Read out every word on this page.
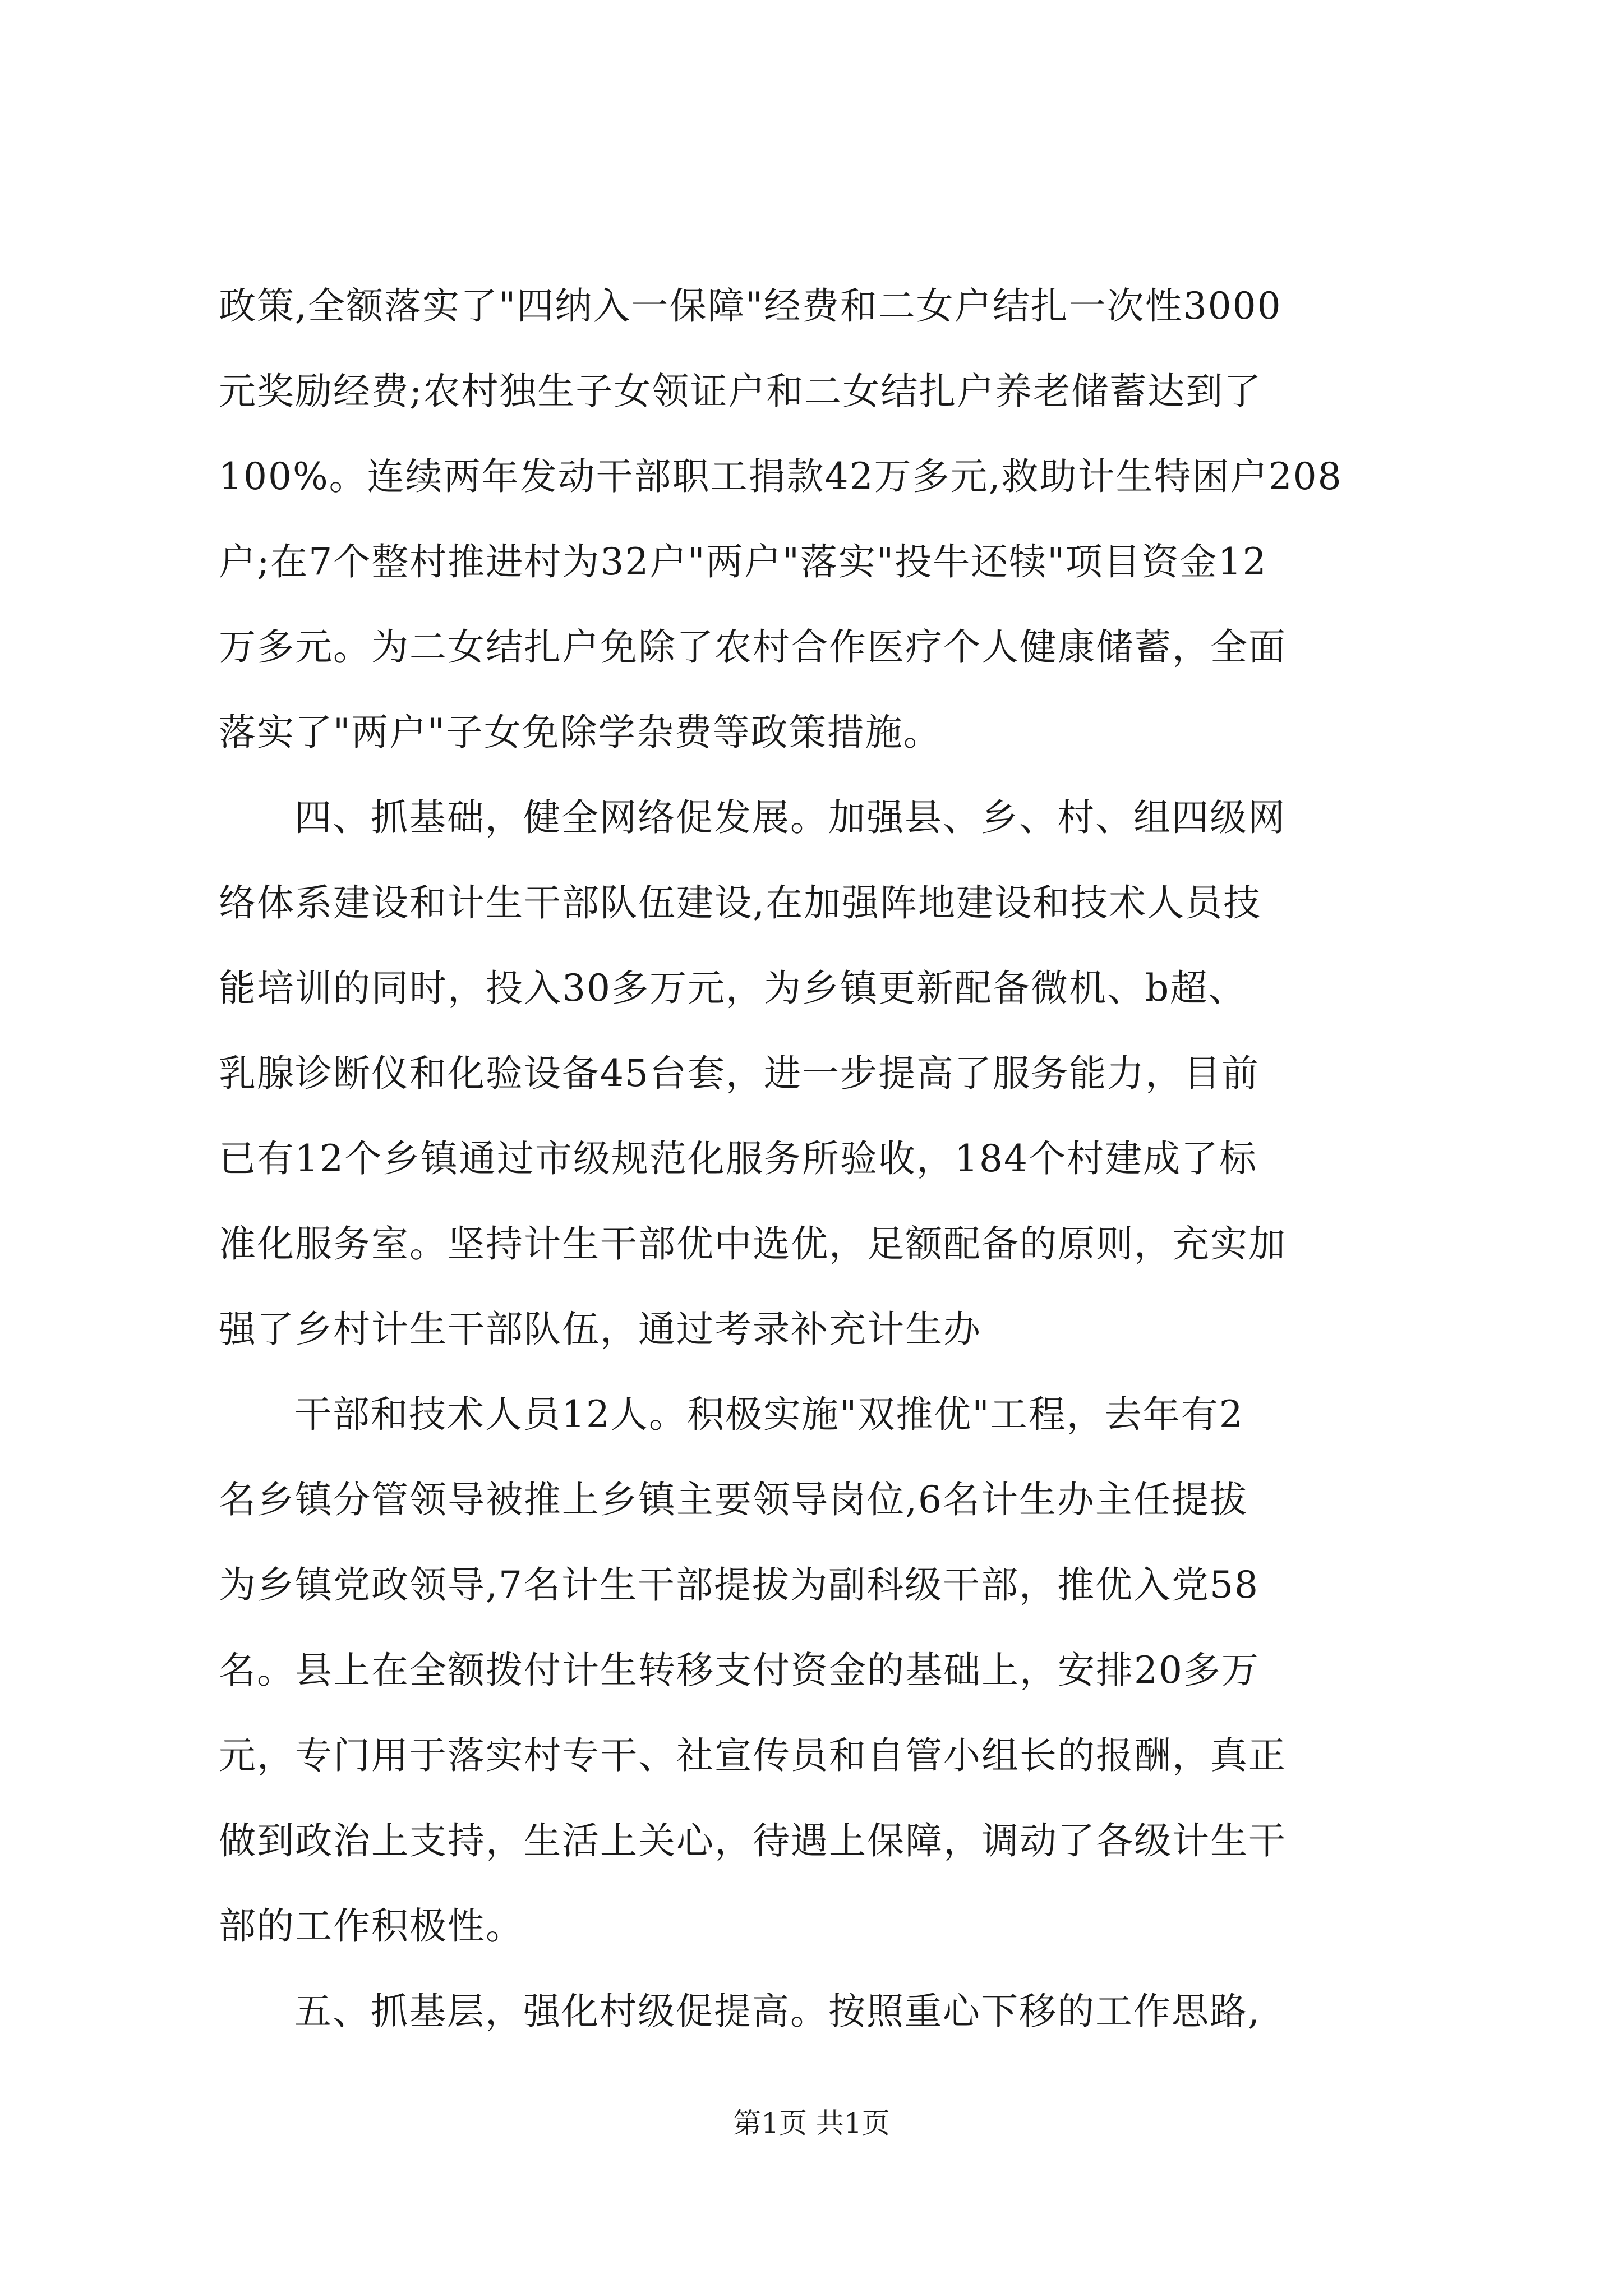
政策,全额落实了"四纳入一保障"经费和二女户结扎一次性3000
元奖励经费;农村独生子女领证户和二女结扎户养老储蓄达到了
100%。连续两年发动干部职工捐款42万多元,救助计生特困户208
户;在7个整村推进村为32户"两户"落实"投牛还犊"项目资金12
万多元。为二女结扎户免除了农村合作医疗个人健康储蓄，全面
落实了"两户"子女免除学杂费等政策措施。
四、抓基础，健全网络促发展。加强县、乡、村、组四级网
络体系建设和计生干部队伍建设,在加强阵地建设和技术人员技
能培训的同时，投入30多万元，为乡镇更新配备微机、b超、
乳腺诊断仪和化验设备45台套，进一步提高了服务能力，目前
已有12个乡镇通过市级规范化服务所验收，184个村建成了标
准化服务室。坚持计生干部优中选优，足额配备的原则，充实加
强了乡村计生干部队伍，通过考录补充计生办
干部和技术人员12人。积极实施"双推优"工程，去年有2
名乡镇分管领导被推上乡镇主要领导岗位,6名计生办主任提拔
为乡镇党政领导,7名计生干部提拔为副科级干部，推优入党58
名。县上在全额拨付计生转移支付资金的基础上，安排20多万
元，专门用于落实村专干、社宣传员和自管小组长的报酬，真正
做到政治上支持，生活上关心，待遇上保障，调动了各级计生干
部的工作积极性。
五、抓基层，强化村级促提高。按照重心下移的工作思路,
第1页 共1页
